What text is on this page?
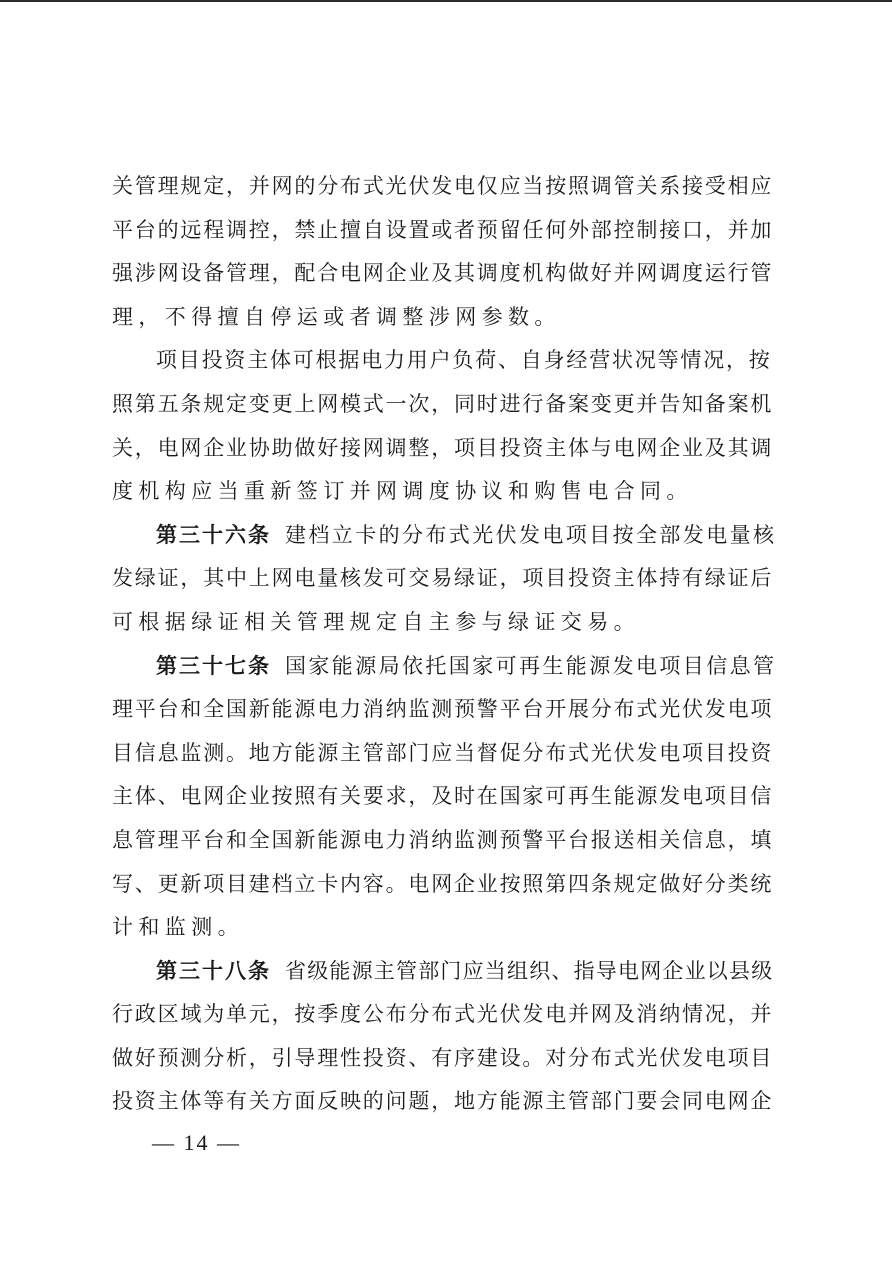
关管理规定，并网的分布式光伏发电仅应当按照调管关系接受相应
平台的远程调控，禁止擅自设置或者预留任何外部控制接口，并加
强涉网设备管理，配合电网企业及其调度机构做好并网调度运行管
理，不得擅自停运或者调整涉网参数。
项目投资主体可根据电力用户负荷、自身经营状况等情况，按
照第五条规定变更上网模式一次，同时进行备案变更并告知备案机
关，电网企业协助做好接网调整，项目投资主体与电网企业及其调
度机构应当重新签订并网调度协议和购售电合同。
第三十六条 建档立卡的分布式光伏发电项目按全部发电量核
发绿证，其中上网电量核发可交易绿证，项目投资主体持有绿证后
可根据绿证相关管理规定自主参与绿证交易。
第三十七条 国家能源局依托国家可再生能源发电项目信息管
理平台和全国新能源电力消纳监测预警平台开展分布式光伏发电项
目信息监测。地方能源主管部门应当督促分布式光伏发电项目投资
主体、电网企业按照有关要求，及时在国家可再生能源发电项目信
息管理平台和全国新能源电力消纳监测预警平台报送相关信息，填
写、更新项目建档立卡内容。电网企业按照第四条规定做好分类统
计和监测。
第三十八条 省级能源主管部门应当组织、指导电网企业以县级
行政区域为单元，按季度公布分布式光伏发电并网及消纳情况，并
做好预测分析，引导理性投资、有序建设。对分布式光伏发电项目
投资主体等有关方面反映的问题，地方能源主管部门要会同电网企
— 14 —
